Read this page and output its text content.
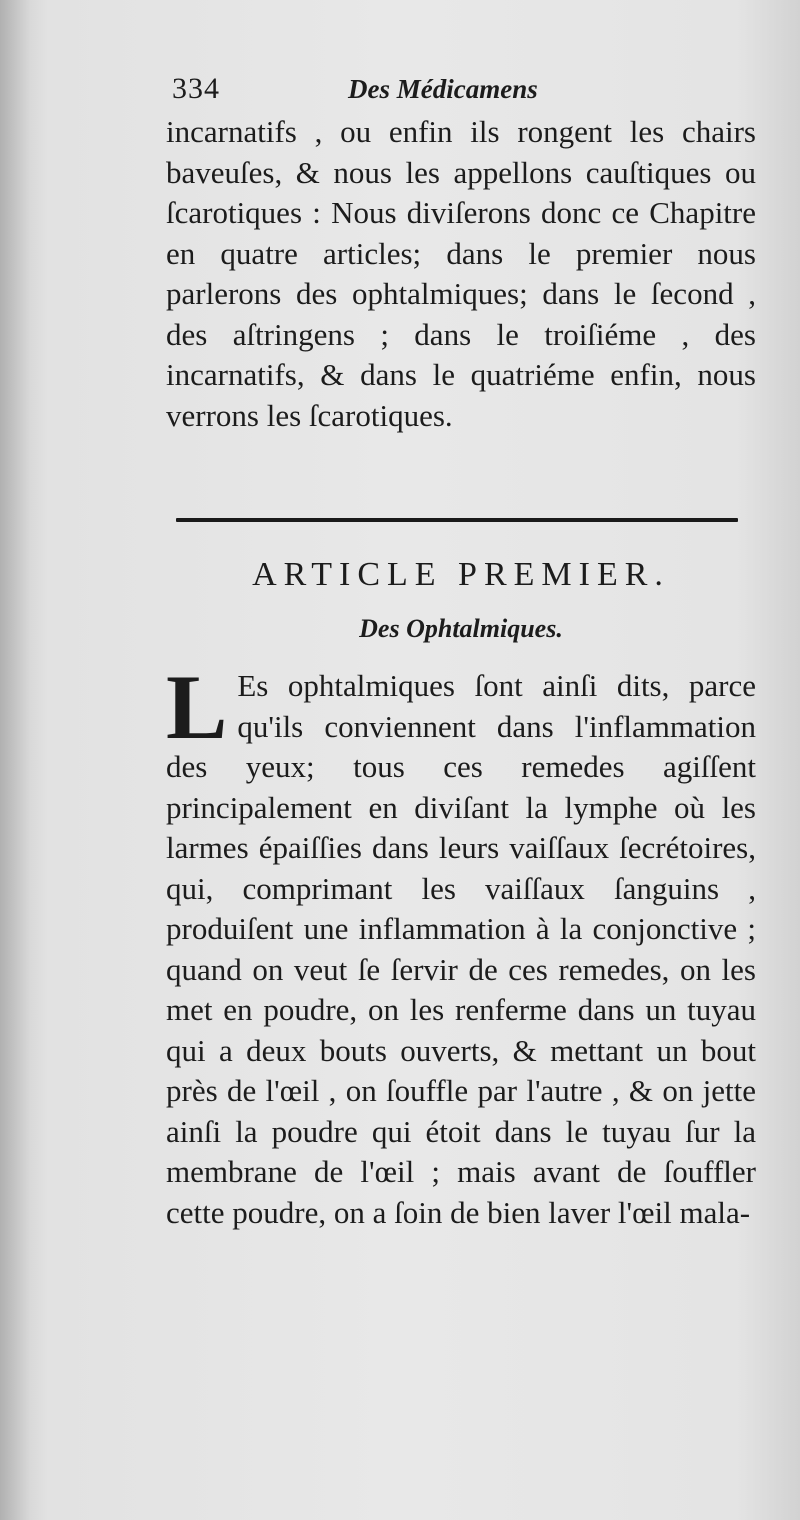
334	Des Médicamens

incarnatifs , ou enfin ils rongent les chairs baveuſes, & nous les appellons cauſtiques ou ſcarotiques : Nous diviſerons donc ce Chapitre en quatre articles; dans le premier nous parlerons des ophtalmiques; dans le ſecond , des aſtringens ; dans le troiſiéme , des incarnatifs, & dans le quatriéme enfin, nous verrons les ſcarotiques.

ARTICLE PREMIER.
Des Ophtalmiques.

L Es ophtalmiques ſont ainſi dits, parce qu'ils conviennent dans l'inflammation des yeux; tous ces remedes agiſſent principalement en diviſant la lymphe où les larmes épaiſſies dans leurs vaiſſaux ſecrétoires, qui, comprimant les vaiſſaux ſanguins , produiſent une inflammation à la conjonctive ; quand on veut ſe ſervir de ces remedes, on les met en poudre, on les renferme dans un tuyau qui a deux bouts ouverts, & mettant un bout près de l'œil , on ſouffle par l'autre , & on jette ainſi la poudre qui étoit dans le tuyau ſur la membrane de l'œil ; mais avant de ſouffler cette poudre, on a ſoin de bien laver l'œil mala-
